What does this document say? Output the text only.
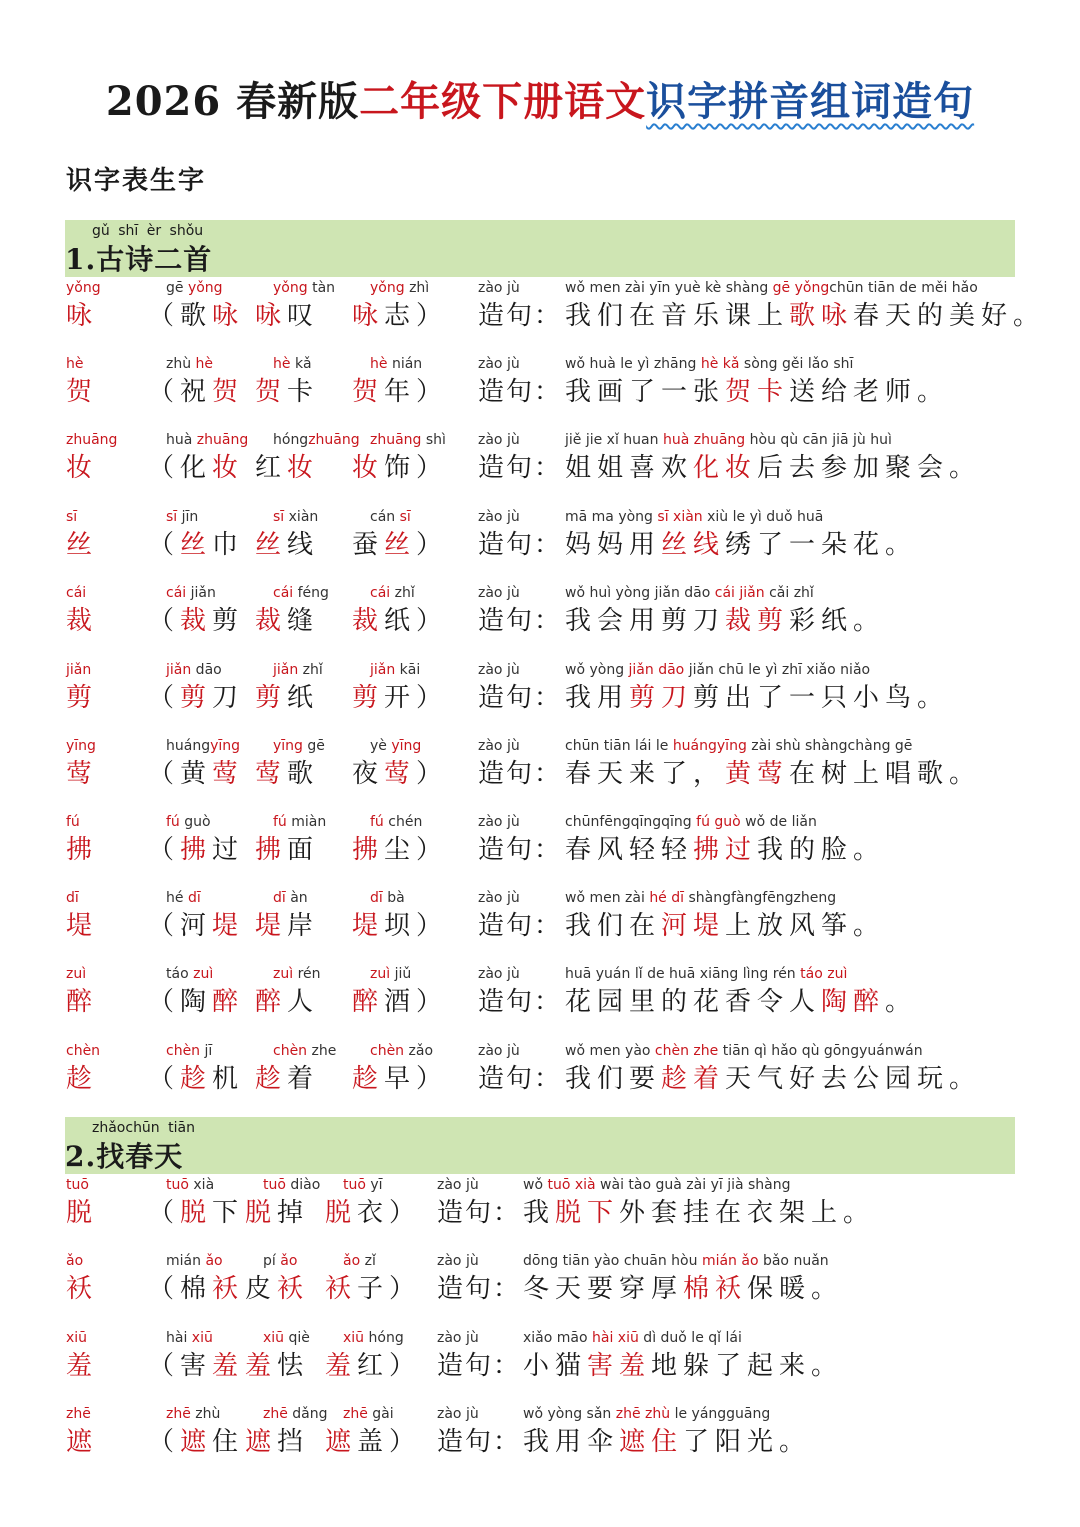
2026 春新版二年级下册语文识字拼音组词造句
识字表生字
gǔ shī èr shǒu
1.古诗二首
zhǎochūn tiān
2.找春天
yǒng
咏
gē yǒng
（歌咏
yǒng tàn
咏叹
yǒng zhì
咏志）
zào jù
造句：
wǒ men zài yīn yuè kè shàng gē yǒngchūn tiān de měi hǎo
我们在音乐课上歌咏春天的美好。
hè
贺
zhù hè
（祝贺
hè kǎ
贺卡
hè nián
贺年）
zào jù
造句：
wǒ huà le yì zhāng hè kǎ sòng gěi lǎo shī
我画了一张贺卡送给老师。
zhuāng
妆
huà zhuāng
（化妆
hóngzhuāng
红妆
zhuāng shì
妆饰）
zào jù
造句：
jiě jie xǐ huan huà zhuāng hòu qù cān jiā jù huì
姐姐喜欢化妆后去参加聚会。
sī
丝
sī jīn
（丝巾
sī xiàn
丝线
cán sī
蚕丝）
zào jù
造句：
mā ma yòng sī xiàn xiù le yì duǒ huā
妈妈用丝线绣了一朵花。
cái
裁
cái jiǎn
（裁剪
cái féng
裁缝
cái zhǐ
裁纸）
zào jù
造句：
wǒ huì yòng jiǎn dāo cái jiǎn cǎi zhǐ
我会用剪刀裁剪彩纸。
jiǎn
剪
jiǎn dāo
（剪刀
jiǎn zhǐ
剪纸
jiǎn kāi
剪开）
zào jù
造句：
wǒ yòng jiǎn dāo jiǎn chū le yì zhī xiǎo niǎo
我用剪刀剪出了一只小鸟。
yīng
莺
huángyīng
（黄莺
yīng gē
莺歌
yè yīng
夜莺）
zào jù
造句：
chūn tiān lái le huángyīng zài shù shàngchàng gē
春天来了，黄莺在树上唱歌。
fú
拂
fú guò
（拂过
fú miàn
拂面
fú chén
拂尘）
zào jù
造句：
chūnfēngqīngqīng fú guò wǒ de liǎn
春风轻轻拂过我的脸。
dī
堤
hé dī
（河堤
dī àn
堤岸
dī bà
堤坝）
zào jù
造句：
wǒ men zài hé dī shàngfàngfēngzheng
我们在河堤上放风筝。
zuì
醉
táo zuì
（陶醉
zuì rén
醉人
zuì jiǔ
醉酒）
zào jù
造句：
huā yuán lǐ de huā xiāng lìng rén táo zuì
花园里的花香令人陶醉。
chèn
趁
chèn jī
（趁机
chèn zhe
趁着
chèn zǎo
趁早）
zào jù
造句：
wǒ men yào chèn zhe tiān qì hǎo qù gōngyuánwán
我们要趁着天气好去公园玩。
tuō
脱
tuō xià
（脱下
tuō diào
脱掉
tuō yī
脱衣）
zào jù
造句：
wǒ tuō xià wài tào guà zài yī jià shàng
我脱下外套挂在衣架上。
ǎo
袄
mián ǎo
（棉袄
pí ǎo
皮袄
ǎo zǐ
袄子）
zào jù
造句：
dōng tiān yào chuān hòu mián ǎo bǎo nuǎn
冬天要穿厚棉袄保暖。
xiū
羞
hài xiū
（害羞
xiū qiè
羞怯
xiū hóng
羞红）
zào jù
造句：
xiǎo māo hài xiū dì duǒ le qǐ lái
小猫害羞地躲了起来。
zhē
遮
zhē zhù
（遮住
zhē dǎng
遮挡
zhē gài
遮盖）
zào jù
造句：
wǒ yòng sǎn zhē zhù le yángguāng
我用伞遮住了阳光。
